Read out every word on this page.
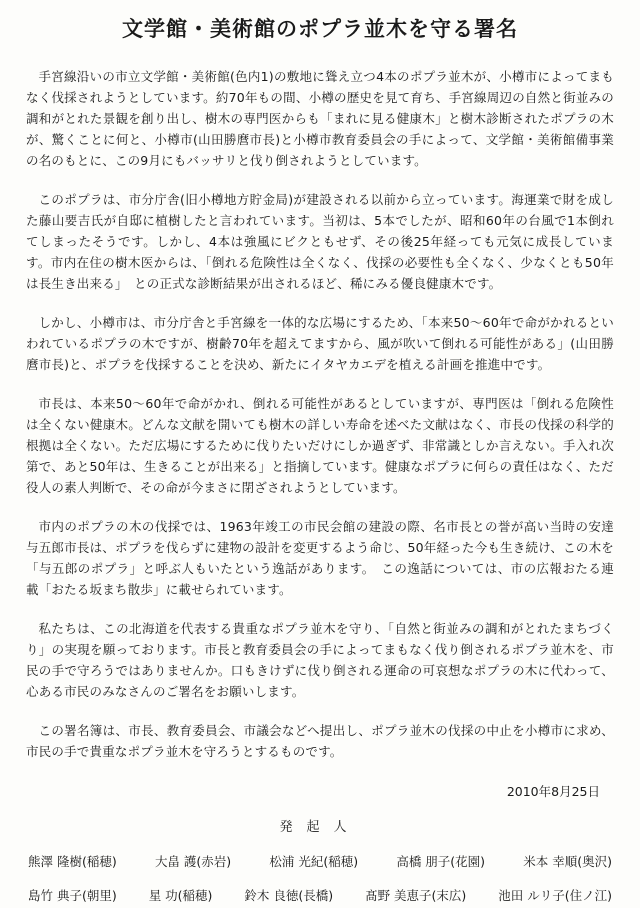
文学館・美術館のポプラ並木を守る署名

手宮線沿いの市立文学館・美術館(色内1)の敷地に聳え立つ4本のポプラ並木が、小樽市によってまもなく伐採されようとしています。約70年もの間、小樽の歴史を見て育ち、手宮線周辺の自然と街並みの調和がとれた景観を創り出し、樹木の専門医からも「まれに見る健康木」と樹木診断されたポプラの木が、驚くことに何と、小樽市(山田勝麿市長)と小樽市教育委員会の手によって、文学館・美術館備事業の名のもとに、この9月にもバッサリと伐り倒されようとしています。

このポプラは、市分庁舎(旧小樽地方貯金局)が建設される以前から立っています。海運業で財を成した藤山要吉氏が自邸に植樹したと言われています。当初は、5本でしたが、昭和60年の台風で1本倒れてしまったそうです。しかし、4本は強風にビクともせず、その後25年経っても元気に成長しています。市内在住の樹木医からは、「倒れる危険性は全くなく、伐採の必要性も全くなく、少なくとも50年は長生き出来る」　との正式な診断結果が出されるほど、稀にみる優良健康木です。

しかし、小樽市は、市分庁舎と手宮線を一体的な広場にするため、「本来50～60年で命がかれるといわれているポプラの木ですが、樹齢70年を超えてますから、風が吹いて倒れる可能性がある」(山田勝麿市長)と、ポプラを伐採することを決め、新たにイタヤカエデを植える計画を推進中です。

市長は、本来50～60年で命がかれ、倒れる可能性があるとしていますが、専門医は「倒れる危険性は全くない健康木。どんな文献を開いても樹木の詳しい寿命を述べた文献はなく、市長の伐採の科学的根拠は全くない。ただ広場にするために伐りたいだけにしか過ぎず、非常識としか言えない。手入れ次第で、あと50年は、生きることが出来る」と指摘しています。健康なポプラに何らの責任はなく、ただ役人の素人判断で、その命が今まさに閉ざされようとしています。

市内のポプラの木の伐採では、1963年竣工の市民会館の建設の際、名市長との誉が高い当時の安達与五郎市長は、ポプラを伐らずに建物の設計を変更するよう命じ、50年経った今も生き続け、この木を「与五郎のポプラ」と呼ぶ人もいたという逸話があります。　この逸話については、市の広報おたる連載「おたる坂まち散歩」に載せられています。

私たちは、この北海道を代表する貴重なポプラ並木を守り、「自然と街並みの調和がとれたまちづくり」の実現を願っております。市長と教育委員会の手によってまもなく伐り倒されるポプラ並木を、市民の手で守ろうではありませんか。口もきけずに伐り倒される運命の可哀想なポプラの木に代わって、心ある市民のみなさんのご署名をお願いします。

この署名簿は、市長、教育委員会、市議会などへ提出し、ポプラ並木の伐採の中止を小樽市に求め、市民の手で貴重なポプラ並木を守ろうとするものです。

2010年8月25日
発起人
熊澤 隆樹(稲穂)	大畠 護(赤岩)	松浦 光紀(稲穂)	高橋 朋子(花園)	米本 幸順(奥沢)
島竹 典子(朝里)	星 功(稲穂)	鈴木 良徳(長橋)	髙野 美恵子(末広)	池田 ルリ子(住ノ江)
